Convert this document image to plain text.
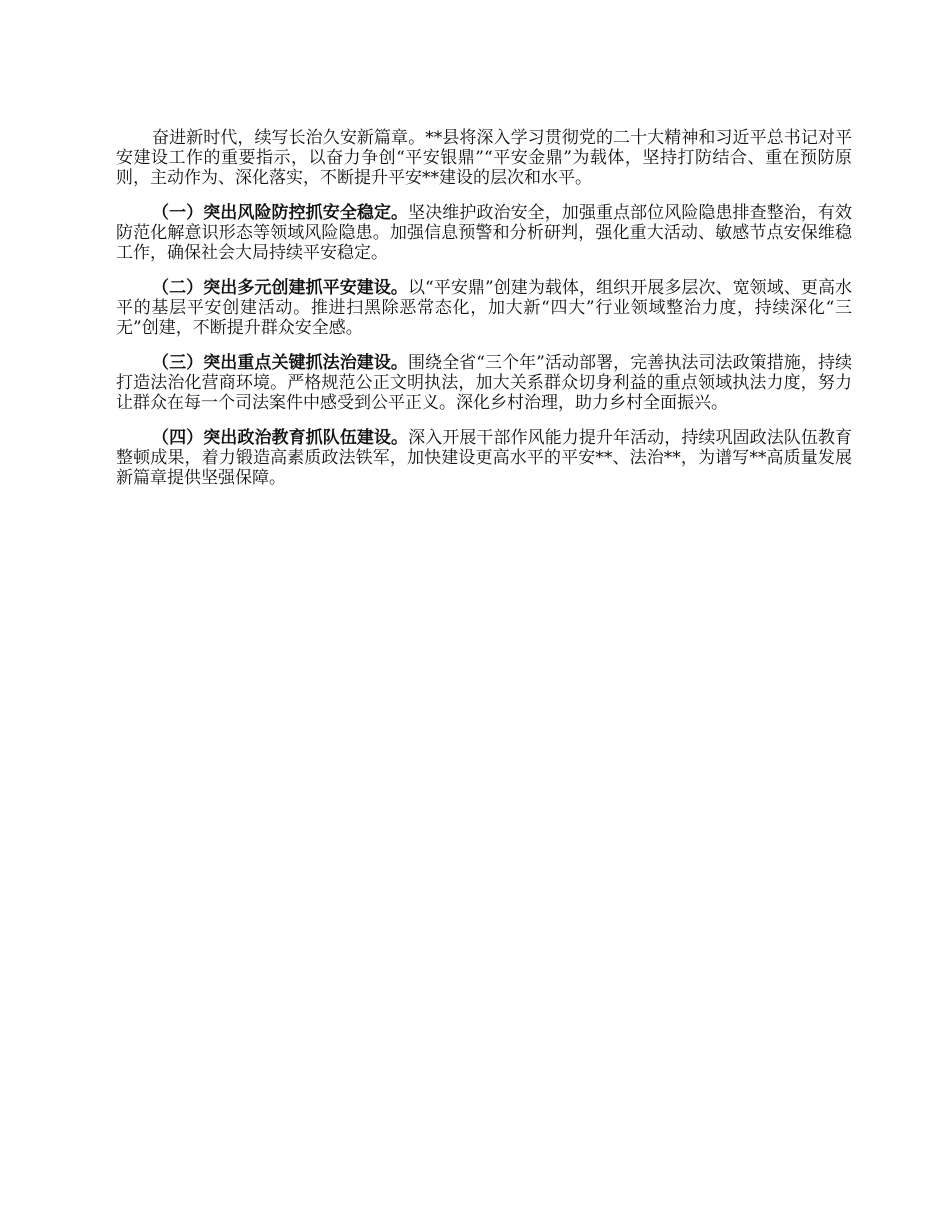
奋进新时代，续写长治久安新篇章。**县将深入学习贯彻党的二十大精神和习近平总书记对平安建设工作的重要指示，以奋力争创“平安银鼎”“平安金鼎”为载体，坚持打防结合、重在预防原则，主动作为、深化落实，不断提升平安**建设的层次和水平。

（一）突出风险防控抓安全稳定。坚决维护政治安全，加强重点部位风险隐患排查整治，有效防范化解意识形态等领域风险隐患。加强信息预警和分析研判，强化重大活动、敏感节点安保维稳工作，确保社会大局持续平安稳定。

（二）突出多元创建抓平安建设。以“平安鼎”创建为载体，组织开展多层次、宽领域、更高水平的基层平安创建活动。推进扫黑除恶常态化，加大新“四大”行业领域整治力度，持续深化“三无”创建，不断提升群众安全感。

（三）突出重点关键抓法治建设。围绕全省“三个年”活动部署，完善执法司法政策措施，持续打造法治化营商环境。严格规范公正文明执法，加大关系群众切身利益的重点领域执法力度，努力让群众在每一个司法案件中感受到公平正义。深化乡村治理，助力乡村全面振兴。

（四）突出政治教育抓队伍建设。深入开展干部作风能力提升年活动，持续巩固政法队伍教育整顿成果，着力锻造高素质政法铁军，加快建设更高水平的平安**、法治**，为谱写**高质量发展新篇章提供坚强保障。
